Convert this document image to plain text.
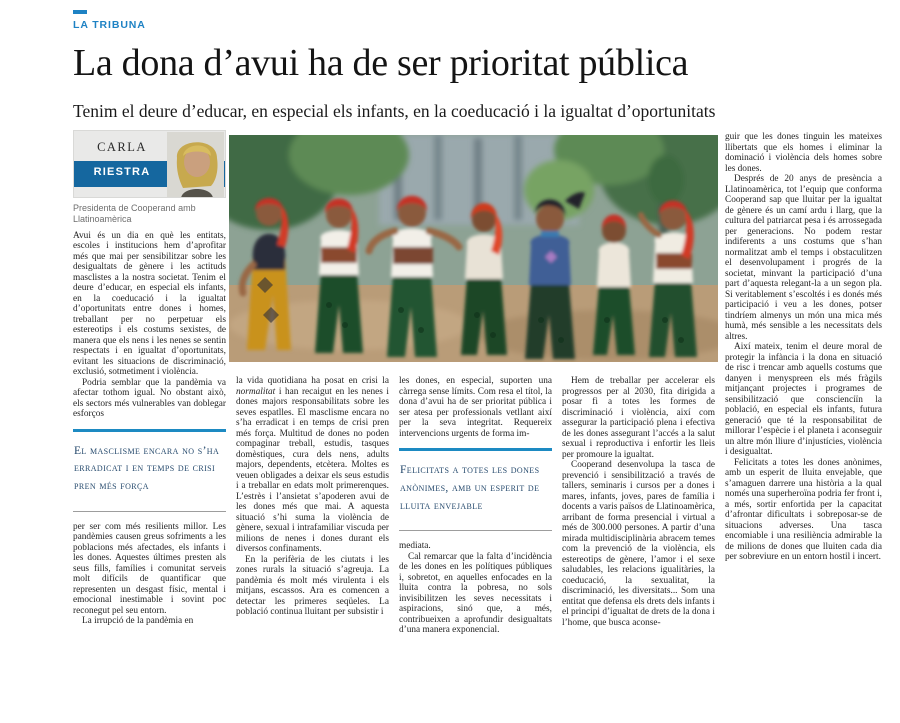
LA TRIBUNA
La dona d’avui ha de ser prioritat pública
Tenim el deure d’educar, en especial els infants, en la coeducació i la igualtat d’oportunitats
CARLA
RIESTRA
Presidenta de Cooperand amb Llatinoamèrica

Avui és un dia en què les entitats, escoles i institucions hem d’aprofitar més que mai per sensibilitzar sobre les desigualtats de gènere i les actituds masclistes a la nostra societat. Tenim el deure d’educar, en especial els infants, en la coeducació i la igualtat d’oportunitats entre dones i homes, treballant per no perpetuar els estereotips i els costums sexistes, de manera que els nens i les nenes se sentin respectats i en igualtat d’oportunitats, evitant les situacions de discriminació, exclusió, sotmetiment i violència.

Podria semblar que la pandèmia va afectar tothom igual. No obstant això, els sectors més vulnerables van doblegar esforços

El masclisme encara no s’ha erradicat i en temps de crisi pren més força

per ser com més resilients millor. Les pandèmies causen greus sofriments a les poblacions més afectades, els infants i les dones. Aquestes últimes presten als seus fills, famílies i comunitat serveis molt difícils de quantificar que representen un desgast físic, mental i emocional inestimable i sovint poc reconegut pel seu entorn.

La irrupció de la pandèmia en

la vida quotidiana ha posat en crisi la normalitat i han recaigut en les nenes i dones majors responsabilitats sobre les seves espatlles. El masclisme encara no s’ha erradicat i en temps de crisi pren més força. Multitud de dones no poden compaginar treball, estudis, tasques domèstiques, cura dels nens, adults majors, dependents, etcètera. Moltes es veuen obligades a deixar els seus estudis i a treballar en edats molt primerenques. L’estrès i l’ansietat s’apoderen avui de les dones més que mai. A aquesta situació s’hi suma la violència de gènere, sexual i intrafamiliar viscuda per milions de nenes i dones durant els diversos confinaments.

En la perifèria de les ciutats i les zones rurals la situació s’agreuja. La pandèmia és molt més virulenta i els mitjans, escassos. Ara es comencen a detectar les primeres seqüeles. La població continua lluitant per subsistir i

les dones, en especial, suporten una càrrega sense límits. Com resa el títol, la dona d’avui ha de ser prioritat pública i ser atesa per professionals vetllant així per la seva integritat. Requereix intervencions urgents de forma im-

Felicitats a totes les dones anònimes, amb un esperit de lluita envejable

mediata.

Cal remarcar que la falta d’incidència de les dones en les polítiques públiques i, sobretot, en aquelles enfocades en la lluita contra la pobresa, no sols invisibilitzen les seves necessitats i aspiracions, sinó que, a més, contribueixen a aprofundir desigualtats d’una manera exponencial.

Hem de treballar per accelerar els progressos per al 2030, fita dirigida a posar fi a totes les formes de discriminació i violència, així com assegurar la participació plena i efectiva de les dones assegurant l’accés a la salut sexual i reproductiva i enfortir les lleis per promoure la igualtat.

Cooperand desenvolupa la tasca de prevenció i sensibilització a través de tallers, seminaris i cursos per a dones i mares, infants, joves, pares de família i docents a varis països de Llatinoamèrica, arribant de forma presencial i virtual a més de 300.000 persones. A partir d’una mirada multidisciplinària abracem temes com la prevenció de la violència, els estereotips de gènere, l’amor i el sexe saludables, les relacions igualitàries, la coeducació, la sexualitat, la discriminació, les diversitats... Som una entitat que defensa els drets dels infants i el principi d’igualtat de drets de la dona i l’home, que busca aconse-

guir que les dones tinguin les mateixes llibertats que els homes i eliminar la dominació i violència dels homes sobre les dones.

Després de 20 anys de presència a Llatinoamèrica, tot l’equip que conforma Cooperand sap que lluitar per la igualtat de gènere és un camí ardu i llarg, que la cultura del patriarcat pesa i és arrossegada per generacions. No podem restar indiferents a uns costums que s’han normalitzat amb el temps i obstaculitzen el desenvolupament i progrés de la societat, minvant la participació d’una part d’aquesta relegant-la a un segon pla. Si veritablement s’escoltés i es donés més participació i veu a les dones, potser tindríem almenys un món una mica més humà, més sensible a les necessitats dels altres.

Així mateix, tenim el deure moral de protegir la infància i la dona en situació de risc i trencar amb aquells costums que danyen i menyspreen els més fràgils mitjançant projectes i programes de sensibilització que conscienciïn la població, en especial els infants, futura generació que té la responsabilitat de millorar l’espècie i el planeta i aconseguir un altre món lliure d’injustícies, violència i desigualtat.

Felicitats a totes les dones anònimes, amb un esperit de lluita envejable, que s’amaguen darrere una història a la qual només una superheroïna podria fer front i, a més, sortir enfortida per la capacitat d’afrontar dificultats i sobreposar-se de situacions adverses. Una tasca encomiable i una resiliència admirable la de milions de dones que lluiten cada dia per sobreviure en un entorn hostil i incert.
